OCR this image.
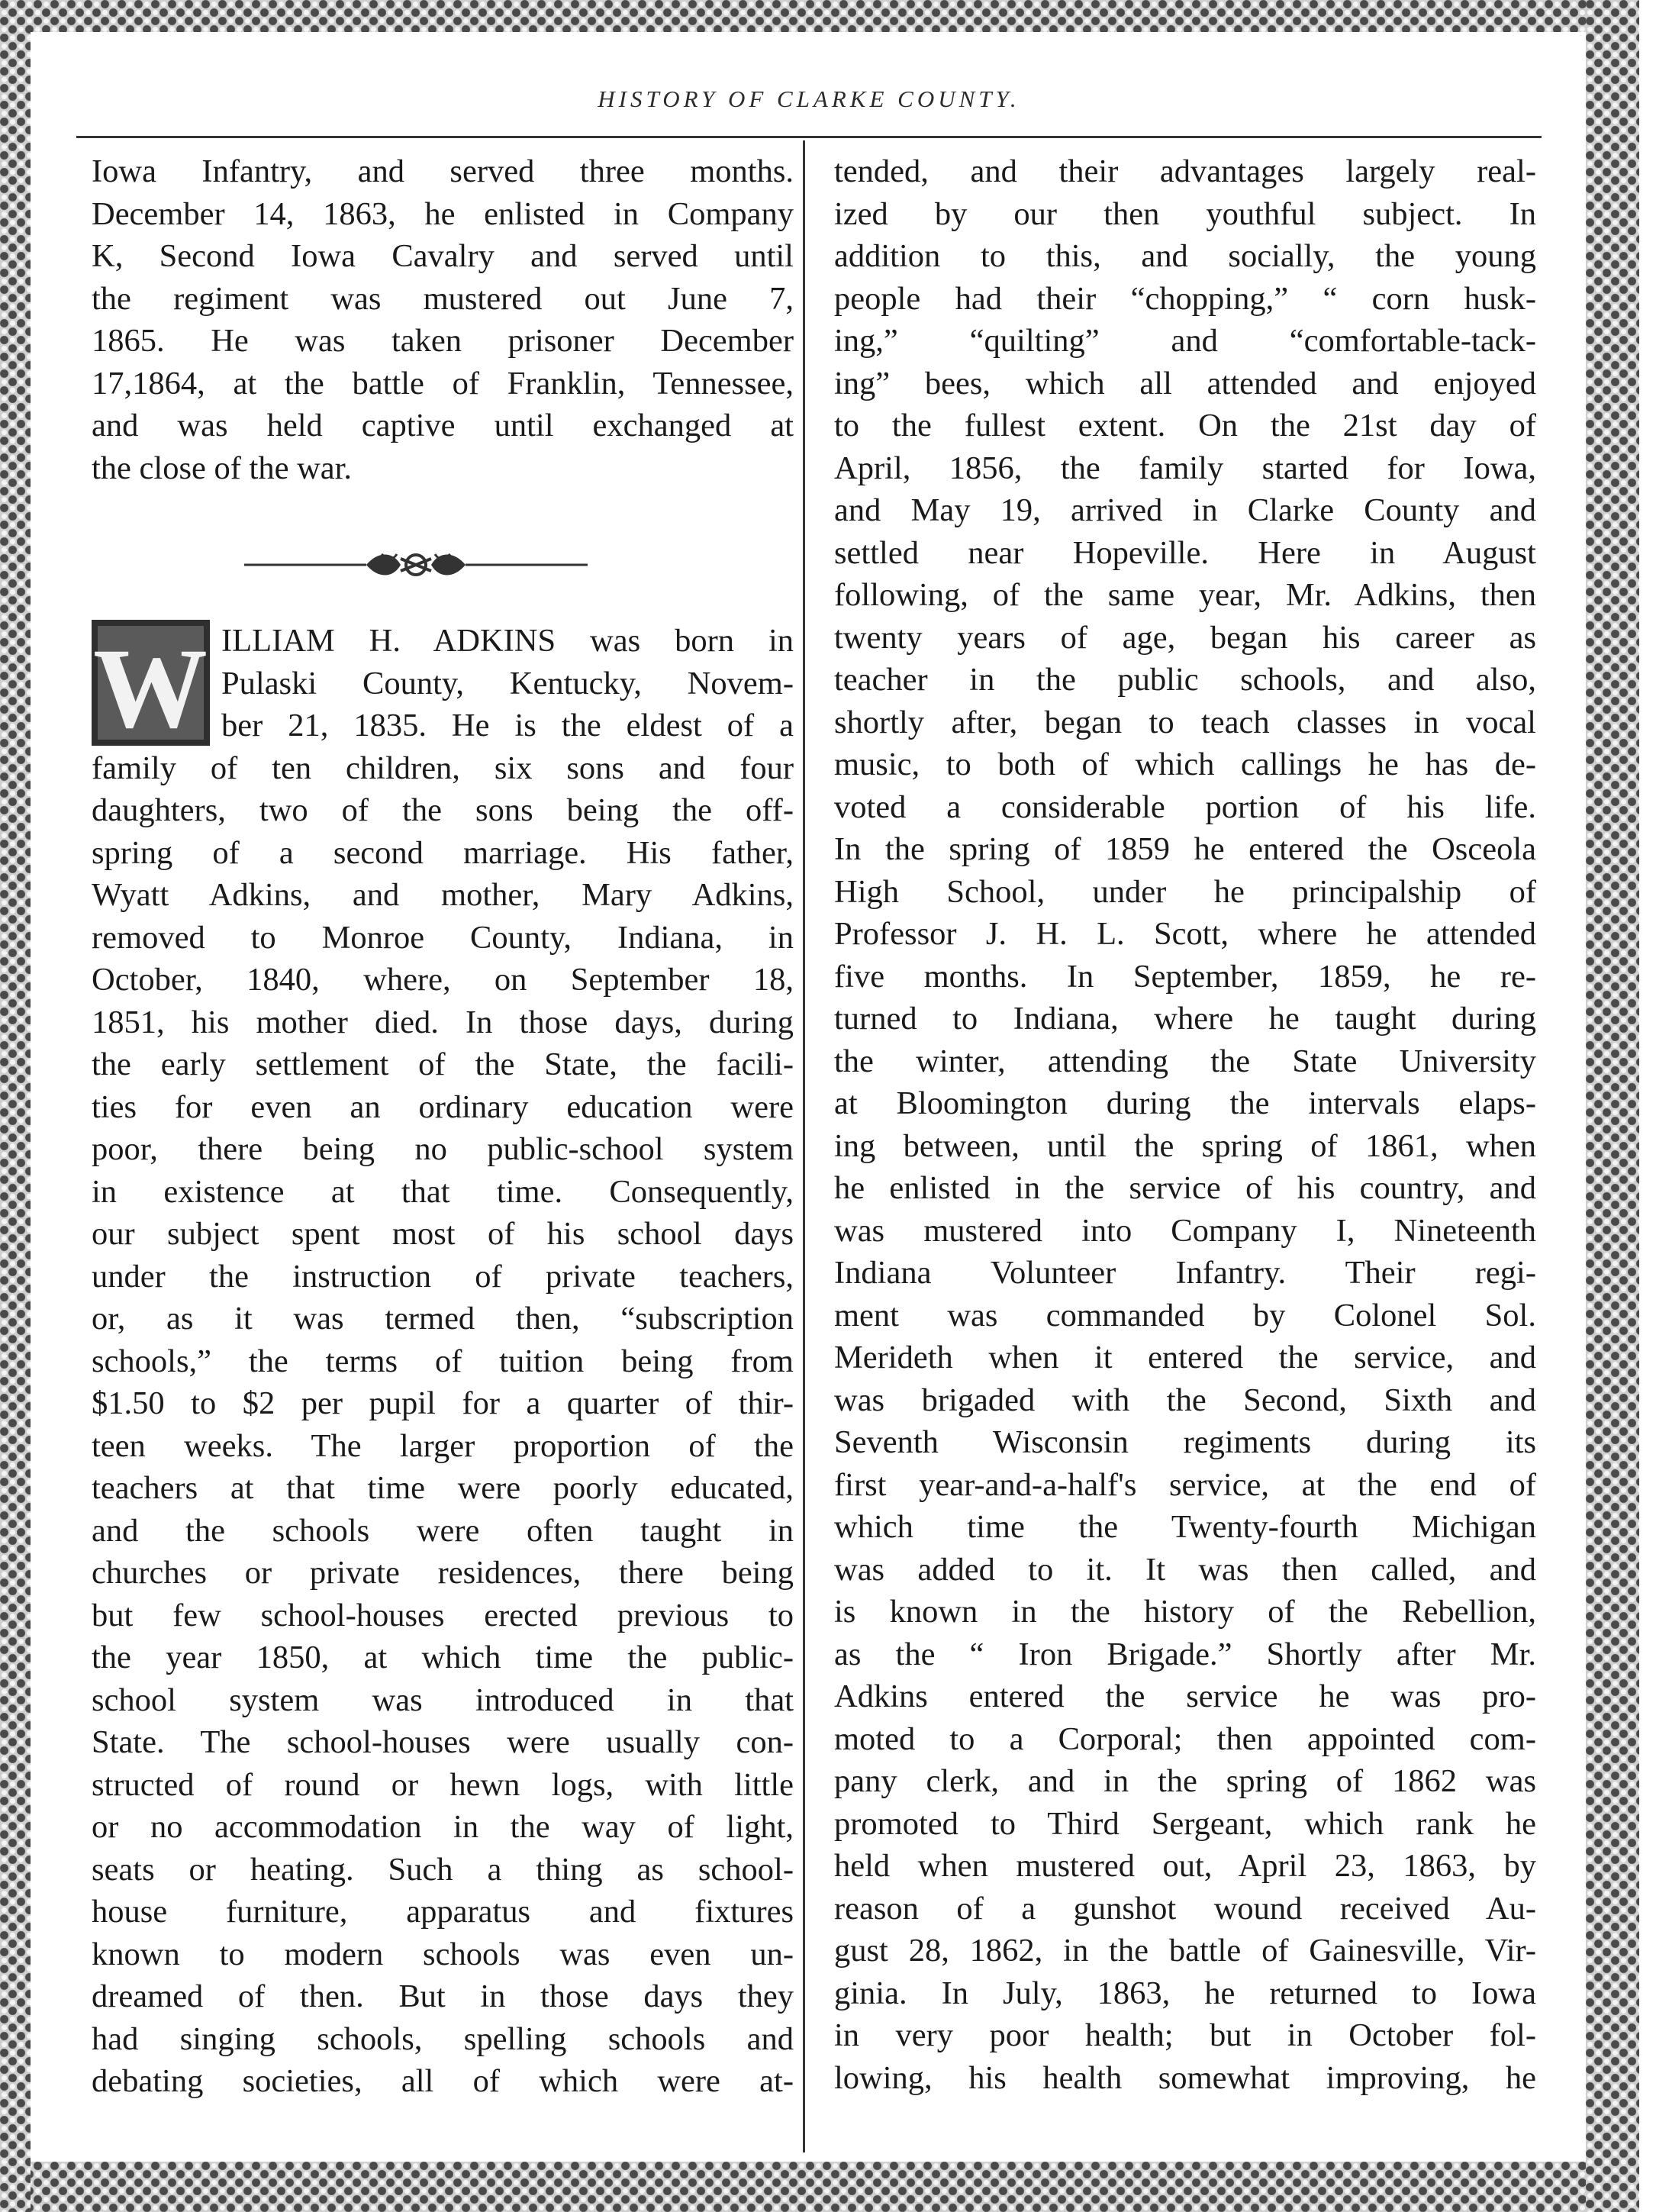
HISTORY OF CLARKE COUNTY.

Iowa Infantry, and served three months.

December 14, 1863, he enlisted in Company

K, Second Iowa Cavalry and served until

the regiment was mustered out June 7,

1865. He was taken prisoner December

17,1864, at the battle of Franklin, Tennessee,

and was held captive until exchanged at

the close of the war.

W ILLIAM H. ADKINS was born in

Pulaski County, Kentucky, Novem-

ber 21, 1835. He is the eldest of a

family of ten children, six sons and four

daughters, two of the sons being the off-

spring of a second marriage. His father,

Wyatt Adkins, and mother, Mary Adkins,

removed to Monroe County, Indiana, in

October, 1840, where, on September 18,

1851, his mother died. In those days, during

the early settlement of the State, the facili-

ties for even an ordinary education were

poor, there being no public-school system

in existence at that time. Consequently,

our subject spent most of his school days

under the instruction of private teachers,

or, as it was termed then, “subscription

schools,” the terms of tuition being from

$1.50 to $2 per pupil for a quarter of thir-

teen weeks. The larger proportion of the

teachers at that time were poorly educated,

and the schools were often taught in

churches or private residences, there being

but few school-houses erected previous to

the year 1850, at which time the public-

school system was introduced in that

State. The school-houses were usually con-

structed of round or hewn logs, with little

or no accommodation in the way of light,

seats or heating. Such a thing as school-

house furniture, apparatus and fixtures

known to modern schools was even un-

dreamed of then. But in those days they

had singing schools, spelling schools and

debating societies, all of which were at-

tended, and their advantages largely real-

ized by our then youthful subject. In

addition to this, and socially, the young

people had their “chopping,” “ corn husk-

ing,” “quilting” and “comfortable-tack-

ing” bees, which all attended and enjoyed

to the fullest extent. On the 21st day of

April, 1856, the family started for Iowa,

and May 19, arrived in Clarke County and

settled near Hopeville. Here in August

following, of the same year, Mr. Adkins, then

twenty years of age, began his career as

teacher in the public schools, and also,

shortly after, began to teach classes in vocal

music, to both of which callings he has de-

voted a considerable portion of his life.

In the spring of 1859 he entered the Osceola

High School, under he principalship of

Professor J. H. L. Scott, where he attended

five months. In September, 1859, he re-

turned to Indiana, where he taught during

the winter, attending the State University

at Bloomington during the intervals elaps-

ing between, until the spring of 1861, when

he enlisted in the service of his country, and

was mustered into Company I, Nineteenth

Indiana Volunteer Infantry. Their regi-

ment was commanded by Colonel Sol.

Merideth when it entered the service, and

was brigaded with the Second, Sixth and

Seventh Wisconsin regiments during its

first year-and-a-half's service, at the end of

which time the Twenty-fourth Michigan

was added to it. It was then called, and

is known in the history of the Rebellion,

as the “ Iron Brigade.” Shortly after Mr.

Adkins entered the service he was pro-

moted to a Corporal; then appointed com-

pany clerk, and in the spring of 1862 was

promoted to Third Sergeant, which rank he

held when mustered out, April 23, 1863, by

reason of a gunshot wound received Au-

gust 28, 1862, in the battle of Gainesville, Vir-

ginia. In July, 1863, he returned to Iowa

in very poor health; but in October fol-

lowing, his health somewhat improving, he
